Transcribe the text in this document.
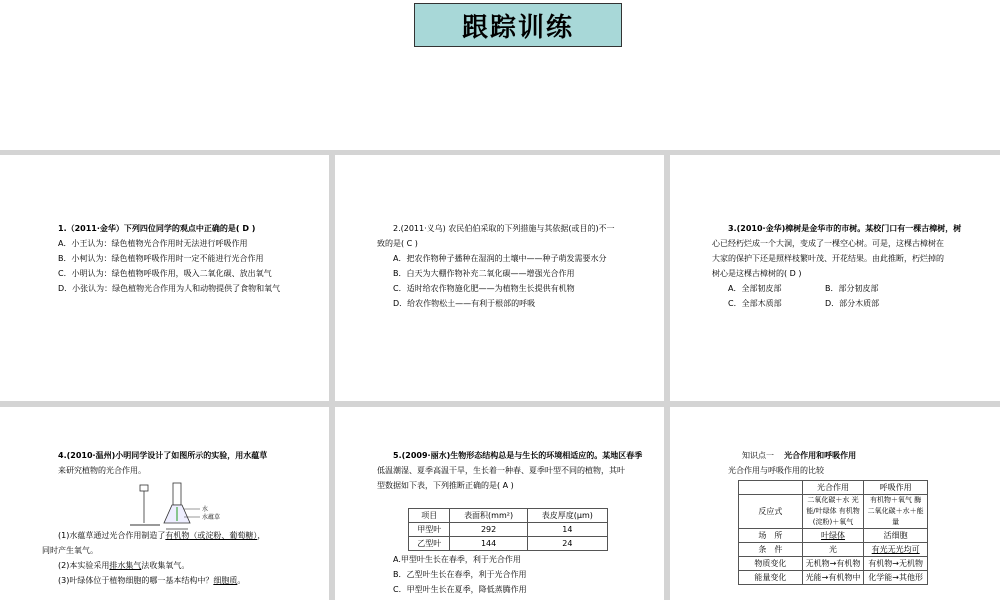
跟踪训练
1.（2011·金华）下列四位同学的观点中正确的是( D )
A．小王认为：绿色植物光合作用时无法进行呼吸作用
B．小柯认为：绿色植物呼吸作用时一定不能进行光合作用
C．小明认为：绿色植物呼吸作用，吸入二氧化碳、放出氧气
D．小张认为：绿色植物光合作用为人和动物提供了食物和氧气
2.(2011·义乌) 农民伯伯采取的下列措施与其依据(或目的)不一
致的是( C )
A．把农作物种子播种在湿润的土壤中——种子萌发需要水分
B．白天为大棚作物补充二氧化碳——增强光合作用
C．适时给农作物施化肥——为植物生长提供有机物
D．给农作物松土——有利于根部的呼吸
3.(2010·金华)樟树是金华市的市树。某校门口有一棵古樟树，树
心已经朽烂成一个大洞，变成了一棵空心树。可是，这棵古樟树在
大家的保护下还是照样枝繁叶茂、开花结果。由此推断，朽烂掉的
树心是这棵古樟树的( D )
A．全部韧皮部	B．部分韧皮部
C．全部木质部	D．部分木质部
4.(2010·温州)小明同学设计了如图所示的实验，用水蕴草
来研究植物的光合作用。
水
水蕴草
(1)水蕴草通过光合作用制造了有机物（或淀粉、葡萄糖），
同时产生氧气。
(2)本实验采用排水集气法收集氧气。
(3)叶绿体位于植物细胞的哪一基本结构中？细胞质。
5.(2009·丽水)生物形态结构总是与生长的环境相适应的。某地区春季
低温潮湿、夏季高温干旱，生长着一种春、夏季叶型不同的植物，其叶
型数据如下表，下列推断正确的是( A )
项目	表面积(mm²)	表皮厚度(μm)
甲型叶	292	14
乙型叶	144	24
A.甲型叶生长在春季，利于光合作用
B．乙型叶生长在春季，利于光合作用
C．甲型叶生长在夏季，降低蒸腾作用
知识点一 光合作用和呼吸作用
光合作用与呼吸作用的比较
	光合作用	呼吸作用
反应式	二氧化碳＋水 光能/叶绿体 有机物(淀粉)＋氧气	有机物＋氧气 酶 二氧化碳＋水＋能量
场　所	叶绿体	活细胞
条　件	光	有光无光均可
物质变化	无机物→有机物	有机物→无机物
能量变化	光能→有机物中	化学能→其他形
